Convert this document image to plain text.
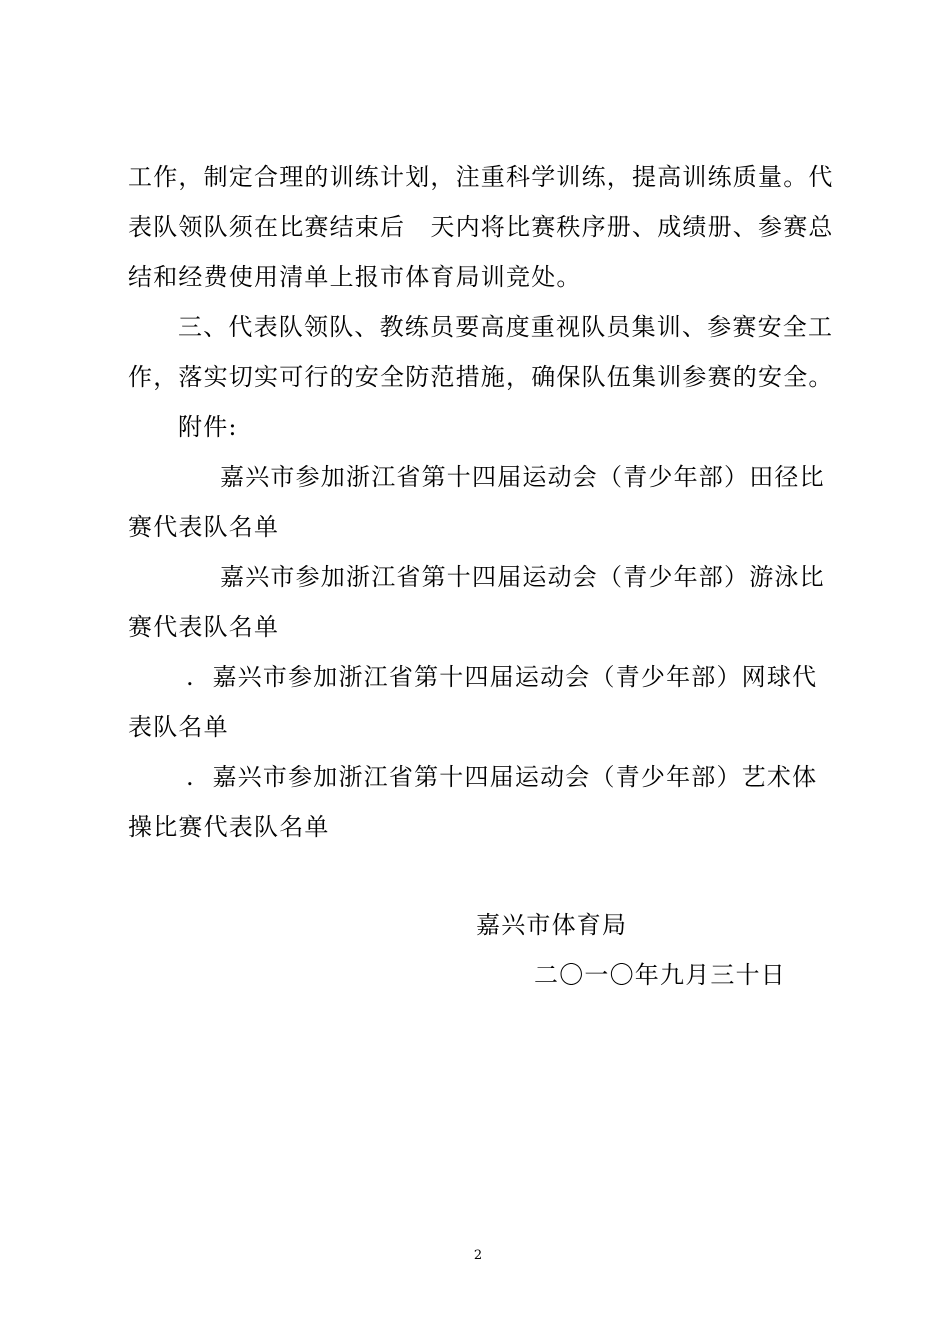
工作，制定合理的训练计划，注重科学训练，提高训练质量。代
表队领队须在比赛结束后　天内将比赛秩序册、成绩册、参赛总
结和经费使用清单上报市体育局训竞处。
三、代表队领队、教练员要高度重视队员集训、参赛安全工
作，落实切实可行的安全防范措施，确保队伍集训参赛的安全。
附件:
嘉兴市参加浙江省第十四届运动会（青少年部）田径比
赛代表队名单
嘉兴市参加浙江省第十四届运动会（青少年部）游泳比
赛代表队名单
.  嘉兴市参加浙江省第十四届运动会（青少年部）网球代
表队名单
.  嘉兴市参加浙江省第十四届运动会（青少年部）艺术体
操比赛代表队名单
嘉兴市体育局
二〇一〇年九月三十日
2
